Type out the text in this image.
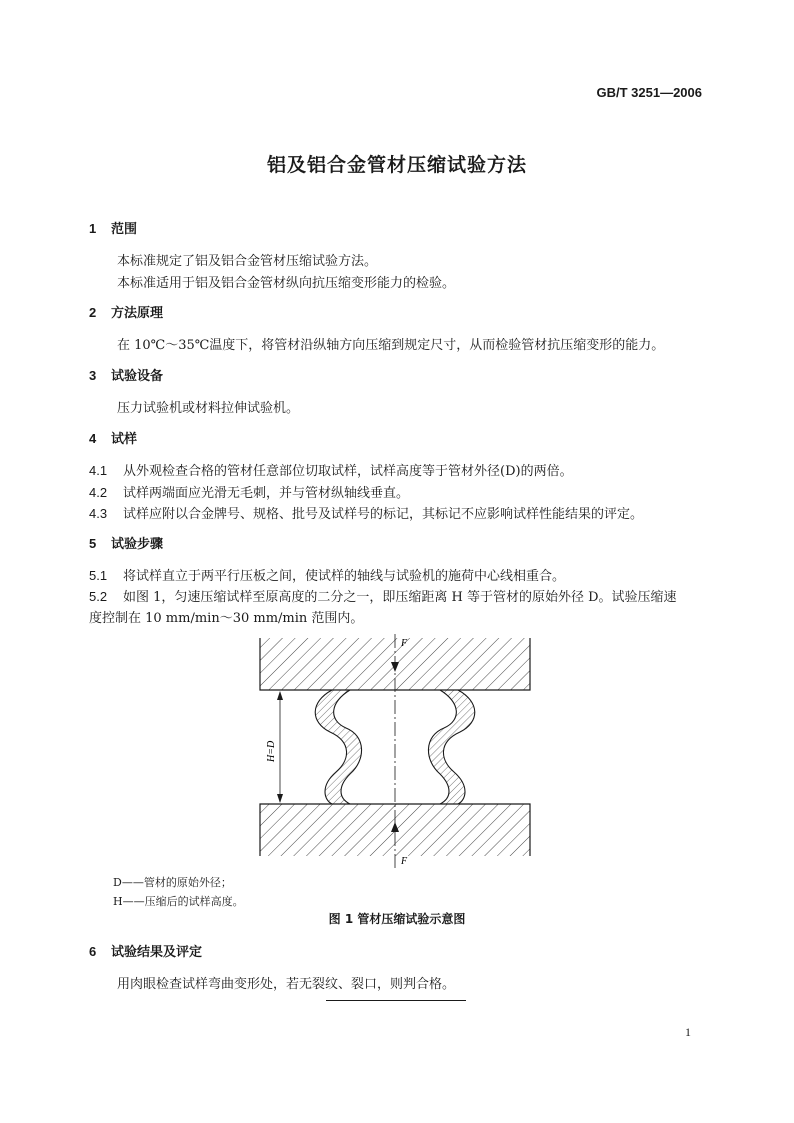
GB/T 3251—2006
铝及铝合金管材压缩试验方法
1 范围
本标准规定了铝及铝合金管材压缩试验方法。
本标准适用于铝及铝合金管材纵向抗压缩变形能力的检验。
2 方法原理
在 10℃～35℃温度下，将管材沿纵轴方向压缩到规定尺寸，从而检验管材抗压缩变形的能力。
3 试验设备
压力试验机或材料拉伸试验机。
4 试样
4.1 从外观检查合格的管材任意部位切取试样，试样高度等于管材外径(D)的两倍。
4.2 试样两端面应光滑无毛刺，并与管材纵轴线垂直。
4.3 试样应附以合金牌号、规格、批号及试样号的标记，其标记不应影响试样性能结果的评定。
5 试验步骤
5.1 将试样直立于两平行压板之间，使试样的轴线与试验机的施荷中心线相重合。
5.2 如图 1，匀速压缩试样至原高度的二分之一，即压缩距离 H 等于管材的原始外径 D。试验压缩速
度控制在 10 mm/min～30 mm/min 范围内。
F
F
H=D
D——管材的原始外径；
H——压缩后的试样高度。
图 1 管材压缩试验示意图
6 试验结果及评定
用肉眼检查试样弯曲变形处，若无裂纹、裂口，则判合格。
1
